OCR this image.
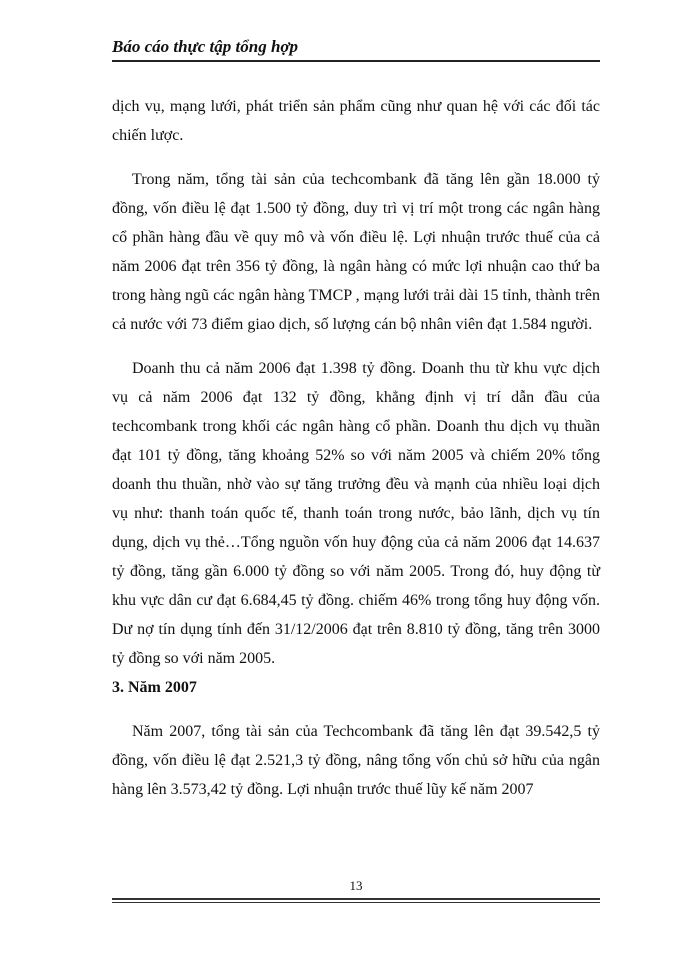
Báo cáo thực tập tổng hợp

dịch vụ, mạng lưới, phát triển sản phẩm cũng như quan hệ với các đối tác chiến lược.

Trong năm, tổng tài sản của techcombank đã tăng lên gần 18.000 tỷ đồng, vốn điều lệ đạt 1.500 tỷ đồng, duy trì vị trí một trong các ngân hàng cổ phần hàng đầu về quy mô và vốn điều lệ. Lợi nhuận trước thuế của cả năm 2006 đạt trên 356 tỷ đồng, là ngân hàng có mức lợi nhuận cao thứ ba trong hàng ngũ các ngân hàng TMCP , mạng lưới trải dài 15 tỉnh, thành trên cả nước với 73 điểm giao dịch, số lượng cán bộ nhân viên đạt 1.584 người.

Doanh thu cả năm 2006 đạt 1.398 tỷ đồng. Doanh thu từ khu vực dịch vụ cả năm 2006 đạt 132 tỷ đồng, khẳng định vị trí dẫn đầu của techcombank trong khối các ngân hàng cổ phần. Doanh thu dịch vụ thuần đạt 101 tỷ đồng, tăng khoảng 52% so với năm 2005 và chiếm 20% tổng doanh thu thuần, nhờ vào sự tăng trưởng đều và mạnh của nhiều loại dịch vụ như: thanh toán quốc tế, thanh toán trong nước, bảo lãnh, dịch vụ tín dụng, dịch vụ thẻ…Tổng nguồn vốn huy động của cả năm 2006 đạt 14.637 tỷ đồng, tăng gần 6.000 tỷ đồng so với năm 2005. Trong đó, huy động từ khu vực dân cư đạt 6.684,45 tỷ đồng. chiếm 46% trong tổng huy động vốn. Dư nợ tín dụng tính đến 31/12/2006 đạt trên 8.810 tỷ đồng, tăng trên 3000 tỷ đồng so với năm 2005.

3. Năm 2007

Năm 2007, tổng tài sản của Techcombank đã tăng lên đạt 39.542,5 tỷ đồng, vốn điều lệ đạt 2.521,3 tỷ đồng, nâng tổng vốn chủ sở hữu của ngân hàng lên 3.573,42 tỷ đồng. Lợi nhuận trước thuế lũy kế năm 2007

13
